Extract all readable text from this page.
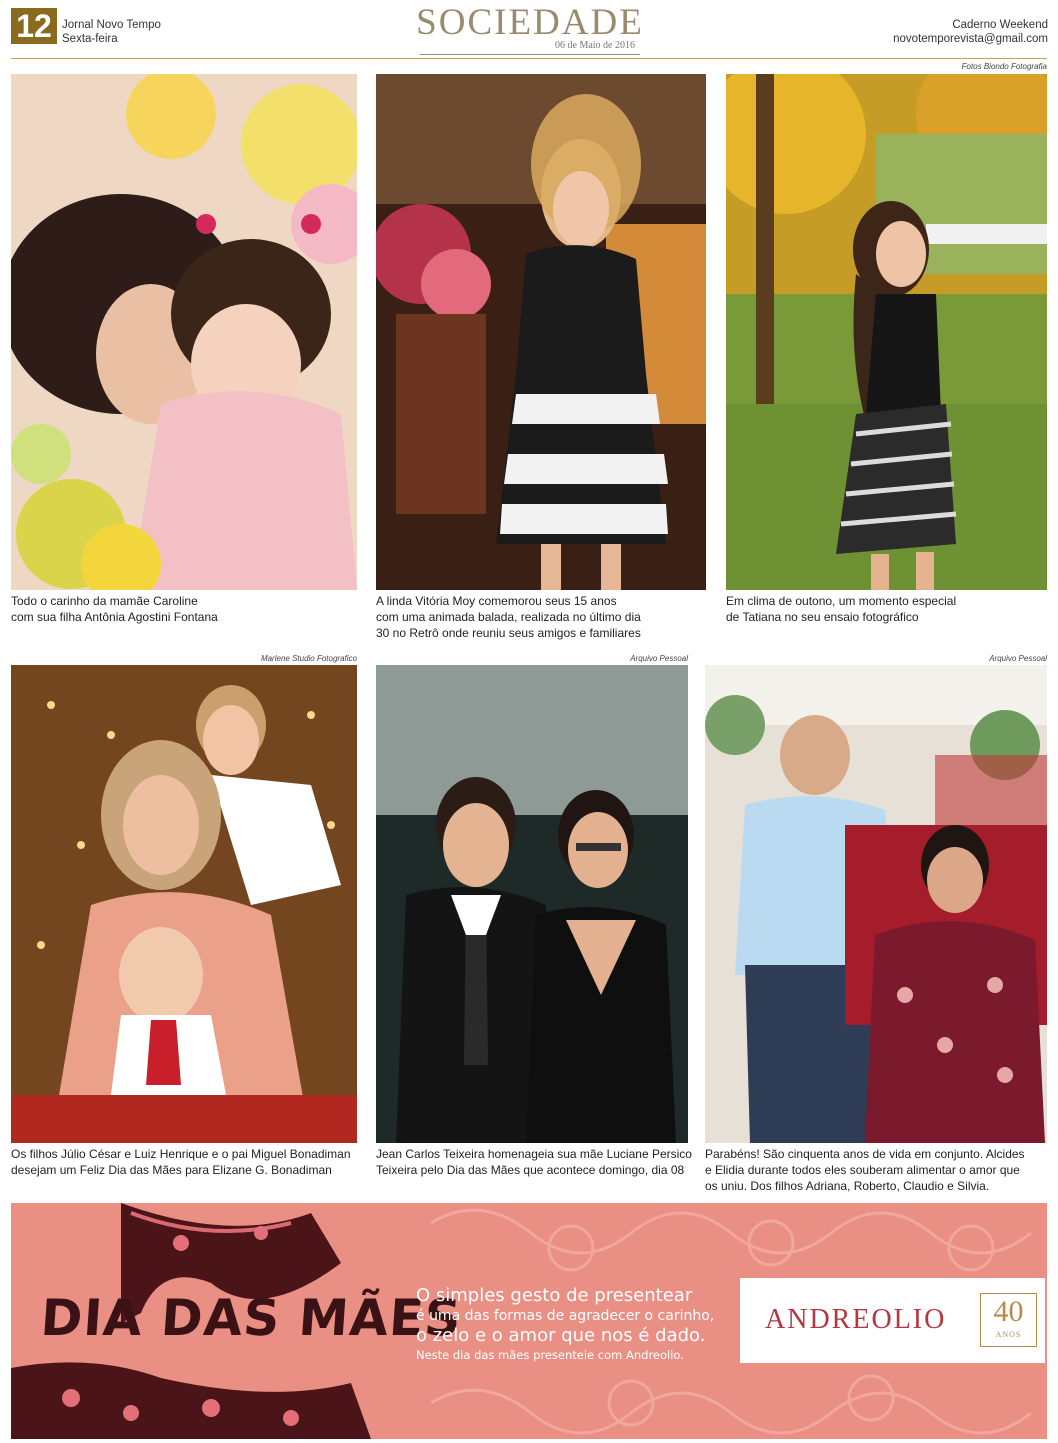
12 Jornal Novo Tempo
Sexta-feira	SOCIEDADE
06 de Maio de 2016
Caderno Weekend
novotemporevista@gmail.com
Fotos Biondo Fotografia
Todo o carinho da mamãe Caroline
com sua filha Antônia Agostini Fontana
A linda Vitória Moy comemorou seus 15 anos
com uma animada balada, realizada no último dia
30 no Retrô onde reuniu seus amigos e familiares
Em clima de outono, um momento especial
de Tatiana no seu ensaio fotográfico
Marlene Studio Fotografico	Arquivo Pessoal	Arquivo Pessoal
Os filhos Júlio César e Luiz Henrique e o pai Miguel Bonadiman
desejam um Feliz Dia das Mães para Elizane G. Bonadiman
Jean Carlos Teixeira homenageia sua mãe Luciane Persico
Teixeira pelo Dia das Mães que acontece domingo, dia 08
Parabéns! São cinquenta anos de vida em conjunto. Alcides
e Elidia durante todos eles souberam alimentar o amor que
os uniu. Dos filhos Adriana, Roberto, Claudio e Silvia.
DIA DAS MÃES
O simples gesto de presentear
é uma das formas de agradecer o carinho,
o zelo e o amor que nos é dado.
Neste dia das mães presenteie com Andreolio.
ANDREOLIO	40
ANOS
